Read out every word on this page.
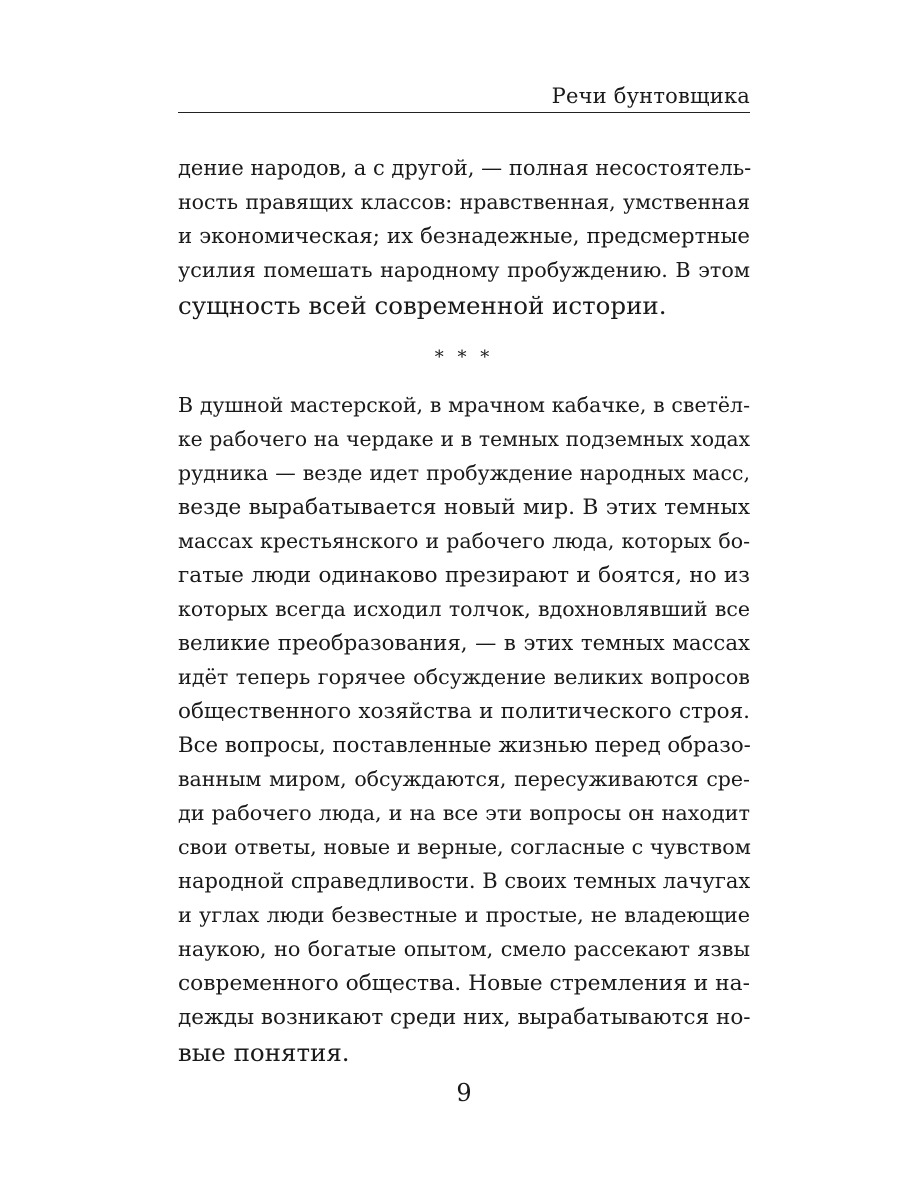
Речи бунтовщика
дение народов, а с другой, — полная несостоятель-
ность правящих классов: нравственная, умственная
и экономическая; их безнадежные, предсмертные
усилия помешать народному пробуждению. В этом
сущность всей современной истории.
* * *
В душной мастерской, в мрачном кабачке, в светёл-
ке рабочего на чердаке и в темных подземных ходах
рудника — везде идет пробуждение народных масс,
везде вырабатывается новый мир. В этих темных
массах крестьянского и рабочего люда, которых бо-
гатые люди одинаково презирают и боятся, но из
которых всегда исходил толчок, вдохновлявший все
великие преобразования, — в этих темных массах
идёт теперь горячее обсуждение великих вопросов
общественного хозяйства и политического строя.
Все вопросы, поставленные жизнью перед образо-
ванным миром, обсуждаются, пересуживаются сре-
ди рабочего люда, и на все эти вопросы он находит
свои ответы, новые и верные, согласные с чувством
народной справедливости. В своих темных лачугах
и углах люди безвестные и простые, не владеющие
наукою, но богатые опытом, смело рассекают язвы
современного общества. Новые стремления и на-
дежды возникают среди них, вырабатываются но-
вые понятия.
9
